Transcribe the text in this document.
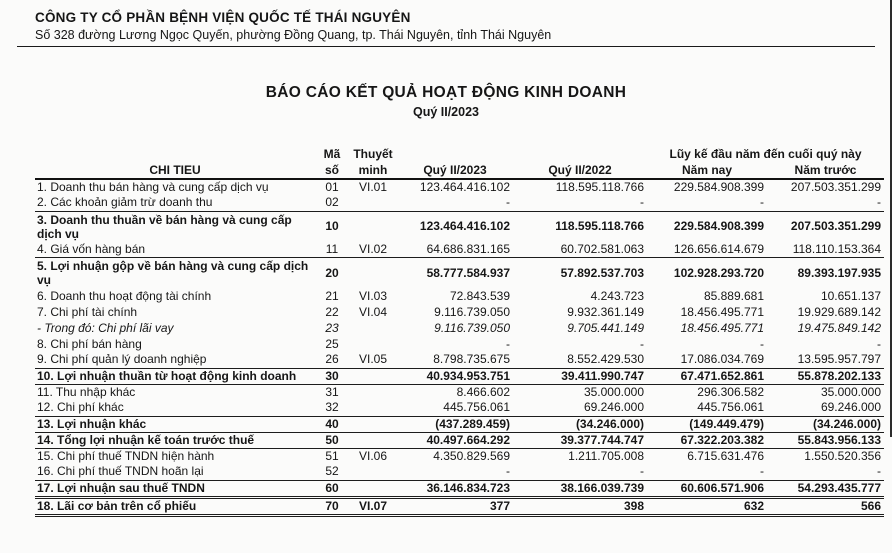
CÔNG TY CỔ PHẦN BỆNH VIỆN QUỐC TẾ THÁI NGUYÊN
Số 328 đường Lương Ngọc Quyến, phường Đồng Quang, tp. Thái Nguyên, tỉnh Thái Nguyên
BÁO CÁO KẾT QUẢ HOẠT ĐỘNG KINH DOANH
Quý II/2023
	Mã	Thuyết			Lũy kế đầu năm đến cuối quý này	
CHI TIEU	số	minh	Quý II/2023	Quý II/2022	Năm nay	Năm trước
1. Doanh thu bán hàng và cung cấp dịch vụ	01	VI.01	123.464.416.102	118.595.118.766	229.584.908.399	207.503.351.299
2. Các khoản giảm trừ doanh thu	02		-	-	-	-
3. Doanh thu thuần về bán hàng và cung cấp dịch vụ	10		123.464.416.102	118.595.118.766	229.584.908.399	207.503.351.299
4. Giá vốn hàng bán	11	VI.02	64.686.831.165	60.702.581.063	126.656.614.679	118.110.153.364
5. Lợi nhuận gộp về bán hàng và cung cấp dịch vụ	20		58.777.584.937	57.892.537.703	102.928.293.720	89.393.197.935
6. Doanh thu hoạt động tài chính	21	VI.03	72.843.539	4.243.723	85.889.681	10.651.137
7. Chi phí tài chính	22	VI.04	9.116.739.050	9.932.361.149	18.456.495.771	19.929.689.142
- Trong đó: Chi phí lãi vay	23		9.116.739.050	9.705.441.149	18.456.495.771	19.475.849.142
8. Chi phí bán hàng	25		-	-	-	-
9. Chi phí quản lý doanh nghiệp	26	VI.05	8.798.735.675	8.552.429.530	17.086.034.769	13.595.957.797
10. Lợi nhuận thuần từ hoạt động kinh doanh	30		40.934.953.751	39.411.990.747	67.471.652.861	55.878.202.133
11. Thu nhập khác	31		8.466.602	35.000.000	296.306.582	35.000.000
12. Chi phí khác	32		445.756.061	69.246.000	445.756.061	69.246.000
13. Lợi nhuận khác	40		(437.289.459)	(34.246.000)	(149.449.479)	(34.246.000)
14. Tổng lợi nhuận kế toán trước thuế	50		40.497.664.292	39.377.744.747	67.322.203.382	55.843.956.133
15. Chi phí thuế TNDN hiện hành	51	VI.06	4.350.829.569	1.211.705.008	6.715.631.476	1.550.520.356
16. Chi phí thuế TNDN hoãn lại	52		-	-	-	-
17. Lợi nhuận sau thuế TNDN	60		36.146.834.723	38.166.039.739	60.606.571.906	54.293.435.777
18. Lãi cơ bản trên cổ phiếu	70	VI.07	377	398	632	566
